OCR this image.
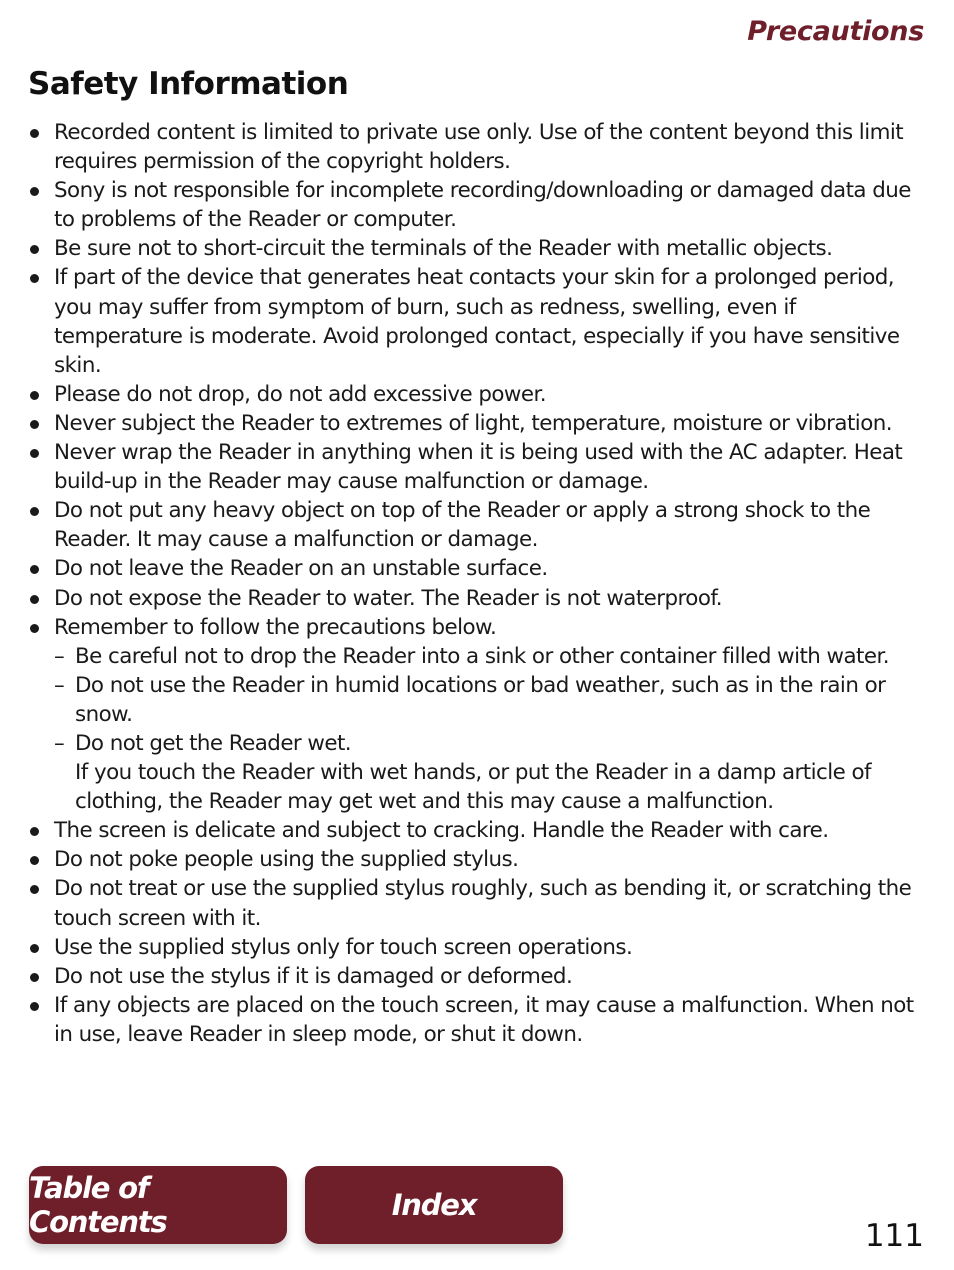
Precautions
Safety Information
Recorded content is limited to private use only. Use of the content beyond this limit requires permission of the copyright holders.
Sony is not responsible for incomplete recording/downloading or damaged data due to problems of the Reader or computer.
Be sure not to short-circuit the terminals of the Reader with metallic objects.
If part of the device that generates heat contacts your skin for a prolonged period, you may suffer from symptom of burn, such as redness, swelling, even if temperature is moderate. Avoid prolonged contact, especially if you have sensitive skin.
Please do not drop, do not add excessive power.
Never subject the Reader to extremes of light, temperature, moisture or vibration.
Never wrap the Reader in anything when it is being used with the AC adapter. Heat build-up in the Reader may cause malfunction or damage.
Do not put any heavy object on top of the Reader or apply a strong shock to the Reader. It may cause a malfunction or damage.
Do not leave the Reader on an unstable surface.
Do not expose the Reader to water. The Reader is not waterproof.
Remember to follow the precautions below.
– Be careful not to drop the Reader into a sink or other container filled with water.
– Do not use the Reader in humid locations or bad weather, such as in the rain or snow.
– Do not get the Reader wet.
If you touch the Reader with wet hands, or put the Reader in a damp article of clothing, the Reader may get wet and this may cause a malfunction.
The screen is delicate and subject to cracking. Handle the Reader with care.
Do not poke people using the supplied stylus.
Do not treat or use the supplied stylus roughly, such as bending it, or scratching the touch screen with it.
Use the supplied stylus only for touch screen operations.
Do not use the stylus if it is damaged or deformed.
If any objects are placed on the touch screen, it may cause a malfunction. When not in use, leave Reader in sleep mode, or shut it down.
Table of Contents	Index
111
